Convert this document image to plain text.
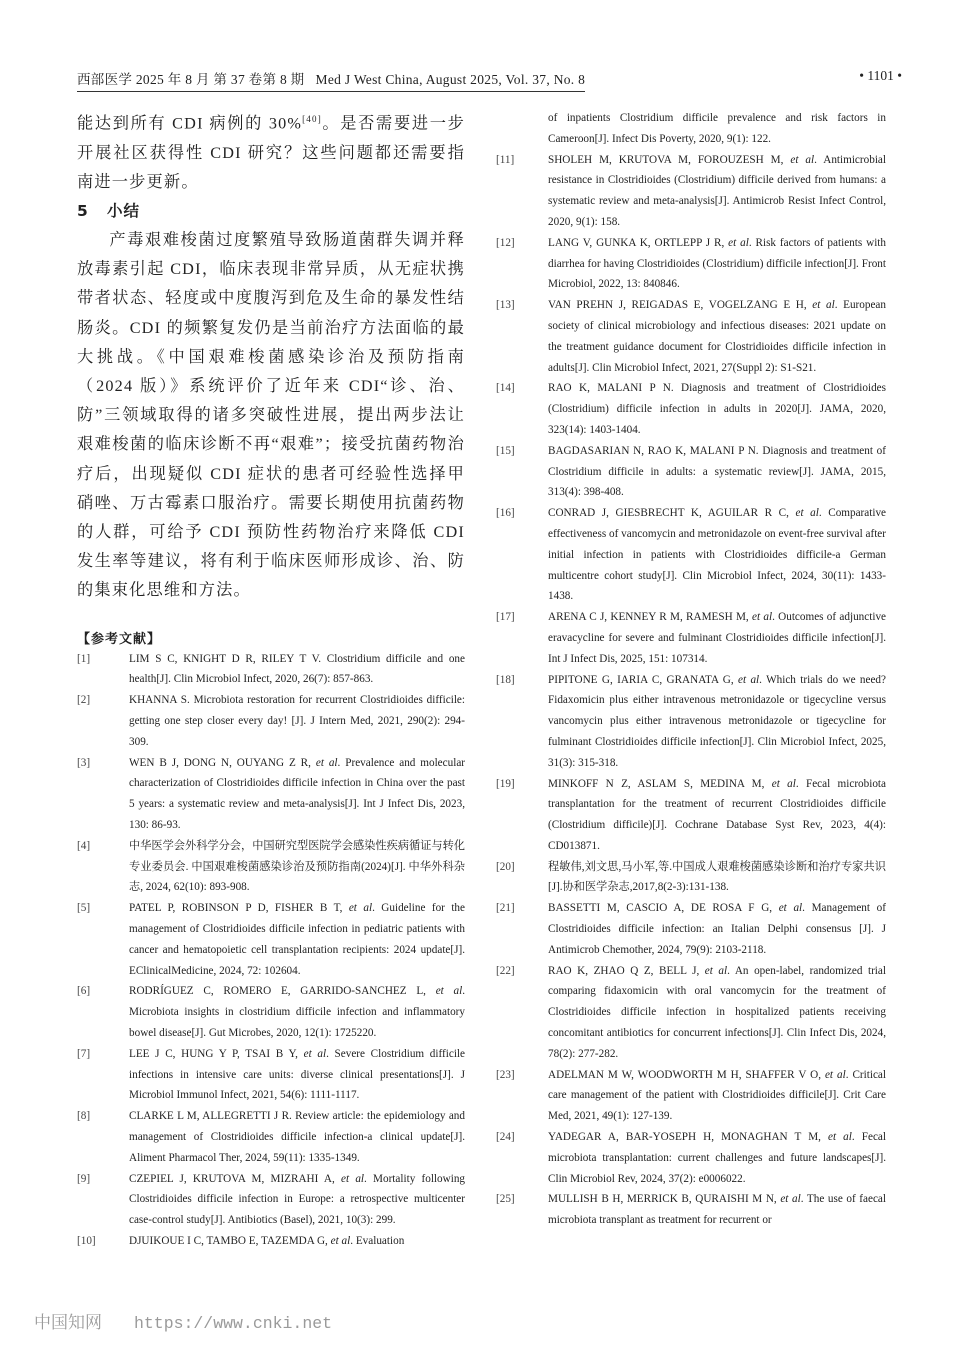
西部医学 2025 年 8 月 第 37 卷第 8 期 Med J West China, August 2025, Vol. 37, No. 8	• 1101 •

能达到所有 CDI 病例的 30%[40]。是否需要进一步开展社区获得性 CDI 研究？这些问题都还需要指南进一步更新。

5 小结

产毒艰难梭菌过度繁殖导致肠道菌群失调并释放毒素引起 CDI，临床表现非常异质，从无症状携带者状态、轻度或中度腹泻到危及生命的暴发性结肠炎。CDI 的频繁复发仍是当前治疗方法面临的最大挑战。《中国艰难梭菌感染诊治及预防指南（2024 版）》系统评价了近年来 CDI“诊、治、防”三领域取得的诸多突破性进展，提出两步法让艰难梭菌的临床诊断不再“艰难”；接受抗菌药物治疗后，出现疑似 CDI 症状的患者可经验性选择甲硝唑、万古霉素口服治疗。需要长期使用抗菌药物的人群，可给予 CDI 预防性药物治疗来降低 CDI 发生率等建议，将有利于临床医师形成诊、治、防的集束化思维和方法。

【参考文献】
[1]	LIM S C, KNIGHT D R, RILEY T V. Clostridium difficile and one health[J]. Clin Microbiol Infect, 2020, 26(7): 857-863.
[2]	KHANNA S. Microbiota restoration for recurrent Clostridioides difficile: getting one step closer every day! [J]. J Intern Med, 2021, 290(2): 294-309.
[3]	WEN B J, DONG N, OUYANG Z R, et al. Prevalence and molecular characterization of Clostridioides difficile infection in China over the past 5 years: a systematic review and meta-analysis[J]. Int J Infect Dis, 2023, 130: 86-93.
[4]	中华医学会外科学分会，中国研究型医院学会感染性疾病循证与转化专业委员会. 中国艰难梭菌感染诊治及预防指南(2024)[J]. 中华外科杂志, 2024, 62(10): 893-908.
[5]	PATEL P, ROBINSON P D, FISHER B T, et al. Guideline for the management of Clostridioides difficile infection in pediatric patients with cancer and hematopoietic cell transplantation recipients: 2024 update[J]. EClinicalMedicine, 2024, 72: 102604.
[6]	RODRÍGUEZ C, ROMERO E, GARRIDO-SANCHEZ L, et al. Microbiota insights in clostridium difficile infection and inflammatory bowel disease[J]. Gut Microbes, 2020, 12(1): 1725220.
[7]	LEE J C, HUNG Y P, TSAI B Y, et al. Severe Clostridium difficile infections in intensive care units: diverse clinical presentations[J]. J Microbiol Immunol Infect, 2021, 54(6): 1111-1117.
[8]	CLARKE L M, ALLEGRETTI J R. Review article: the epidemiology and management of Clostridioides difficile infection-a clinical update[J]. Aliment Pharmacol Ther, 2024, 59(11): 1335-1349.
[9]	CZEPIEL J, KRUTOVA M, MIZRAHI A, et al. Mortality following Clostridioides difficile infection in Europe: a retrospective multicenter case-control study[J]. Antibiotics (Basel), 2021, 10(3): 299.
[10]	DJUIKOUE I C, TAMBO E, TAZEMDA G, et al. Evaluation
of inpatients Clostridium difficile prevalence and risk factors in Cameroon[J]. Infect Dis Poverty, 2020, 9(1): 122.
[11]	SHOLEH M, KRUTOVA M, FOROUZESH M, et al. Antimicrobial resistance in Clostridioides (Clostridium) difficile derived from humans: a systematic review and meta-analysis[J]. Antimicrob Resist Infect Control, 2020, 9(1): 158.
[12]	LANG V, GUNKA K, ORTLEPP J R, et al. Risk factors of patients with diarrhea for having Clostridioides (Clostridium) difficile infection[J]. Front Microbiol, 2022, 13: 840846.
[13]	VAN PREHN J, REIGADAS E, VOGELZANG E H, et al. European society of clinical microbiology and infectious diseases: 2021 update on the treatment guidance document for Clostridioides difficile infection in adults[J]. Clin Microbiol Infect, 2021, 27(Suppl 2): S1-S21.
[14]	RAO K, MALANI P N. Diagnosis and treatment of Clostridioides (Clostridium) difficile infection in adults in 2020[J]. JAMA, 2020, 323(14): 1403-1404.
[15]	BAGDASARIAN N, RAO K, MALANI P N. Diagnosis and treatment of Clostridium difficile in adults: a systematic review[J]. JAMA, 2015, 313(4): 398-408.
[16]	CONRAD J, GIESBRECHT K, AGUILAR R C, et al. Comparative effectiveness of vancomycin and metronidazole on event-free survival after initial infection in patients with Clostridioides difficile-a German multicentre cohort study[J]. Clin Microbiol Infect, 2024, 30(11): 1433-1438.
[17]	ARENA C J, KENNEY R M, RAMESH M, et al. Outcomes of adjunctive eravacycline for severe and fulminant Clostridioides difficile infection[J]. Int J Infect Dis, 2025, 151: 107314.
[18]	PIPITONE G, IARIA C, GRANATA G, et al. Which trials do we need? Fidaxomicin plus either intravenous metronidazole or tigecycline versus vancomycin plus either intravenous metronidazole or tigecycline for fulminant Clostridioides difficile infection[J]. Clin Microbiol Infect, 2025, 31(3): 315-318.
[19]	MINKOFF N Z, ASLAM S, MEDINA M, et al. Fecal microbiota transplantation for the treatment of recurrent Clostridioides difficile (Clostridium difficile)[J]. Cochrane Database Syst Rev, 2023, 4(4): CD013871.
[20]	程敏伟,刘文思,马小军,等.中国成人艰难梭菌感染诊断和治疗专家共识[J].协和医学杂志,2017,8(2-3):131-138.
[21]	BASSETTI M, CASCIO A, DE ROSA F G, et al. Management of Clostridioides difficile infection: an Italian Delphi consensus [J]. J Antimicrob Chemother, 2024, 79(9): 2103-2118.
[22]	RAO K, ZHAO Q Z, BELL J, et al. An open-label, randomized trial comparing fidaxomicin with oral vancomycin for the treatment of Clostridioides difficile infection in hospitalized patients receiving concomitant antibiotics for concurrent infections[J]. Clin Infect Dis, 2024, 78(2): 277-282.
[23]	ADELMAN M W, WOODWORTH M H, SHAFFER V O, et al. Critical care management of the patient with Clostridioides difficile[J]. Crit Care Med, 2021, 49(1): 127-139.
[24]	YADEGAR A, BAR-YOSEPH H, MONAGHAN T M, et al. Fecal microbiota transplantation: current challenges and future landscapes[J]. Clin Microbiol Rev, 2024, 37(2): e0006022.
[25]	MULLISH B H, MERRICK B, QURAISHI M N, et al. The use of faecal microbiota transplant as treatment for recurrent or
中国知网 https://www.cnki.net
